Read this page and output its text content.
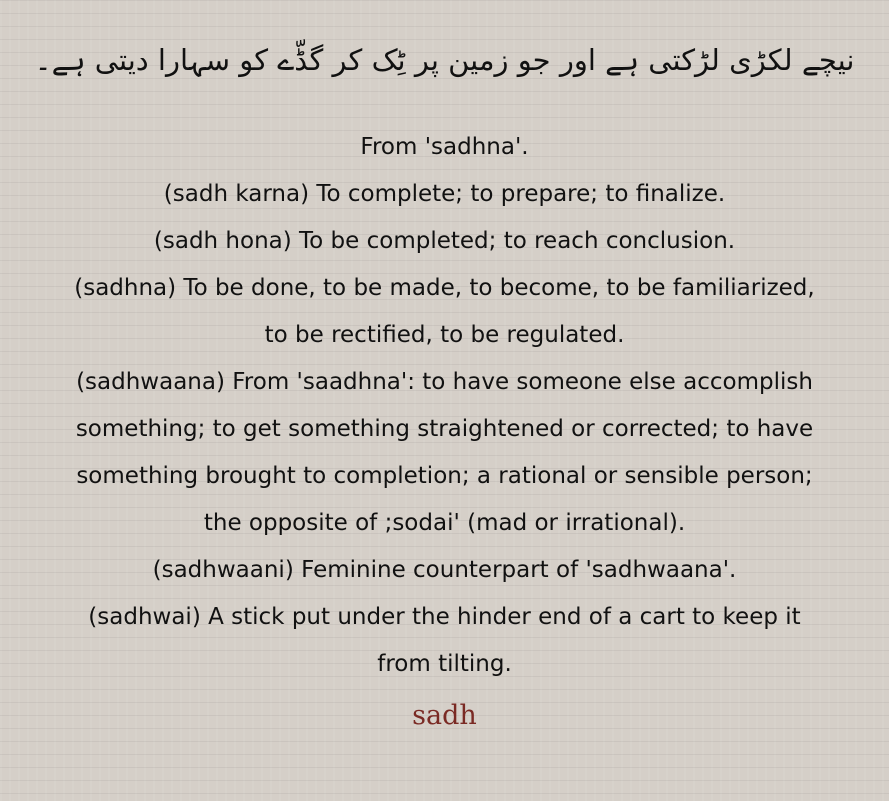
نیچے لکڑی لڑکتی ہے اور جو زمین پر ٹِک کر گڈّے کو سہارا دیتی ہے۔
From 'sadhna'.
(sadh karna) To complete; to prepare; to finalize.
(sadh hona) To be completed; to reach conclusion.
(sadhna) To be done, to be made, to become, to be familiarized,
to be rectified, to be regulated.
(sadhwaana) From 'saadhna': to have someone else accomplish
something; to get something straightened or corrected; to have
something brought to completion; a rational or sensible person;
the opposite of ;sodai' (mad or irrational).
(sadhwaani) Feminine counterpart of 'sadhwaana'.
(sadhwai) A stick put under the hinder end of a cart to keep it
from tilting.
sadh
